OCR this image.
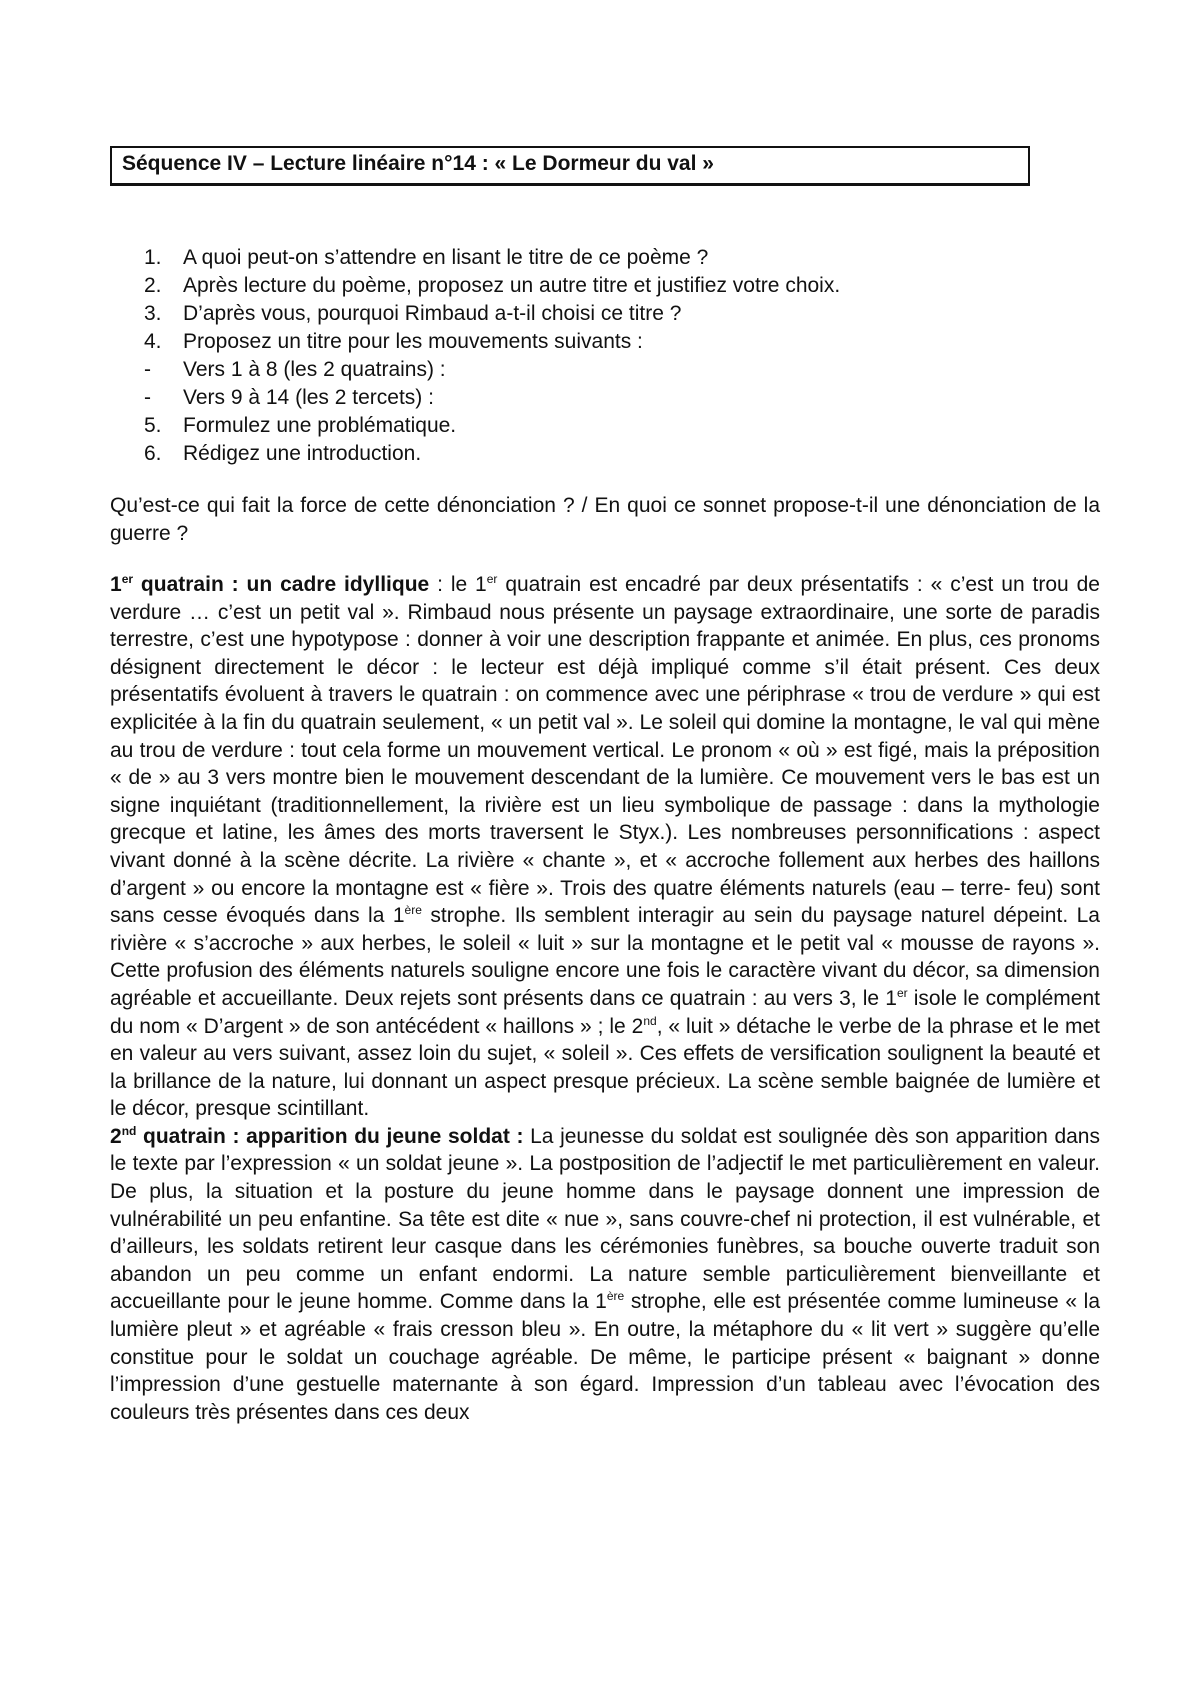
Séquence IV – Lecture linéaire n°14 : « Le Dormeur du val »
1. A quoi peut-on s’attendre en lisant le titre de ce poème ?
2. Après lecture du poème, proposez un autre titre et justifiez votre choix.
3. D’après vous, pourquoi Rimbaud a-t-il choisi ce titre ?
4. Proposez un titre pour les mouvements suivants :
- Vers 1 à 8 (les 2 quatrains) :
- Vers 9 à 14 (les 2 tercets) :
5. Formulez une problématique.
6. Rédigez une introduction.

Qu’est-ce qui fait la force de cette dénonciation ? / En quoi ce sonnet propose-t-il une dénonciation de la guerre ?

1er quatrain : un cadre idyllique : le 1er quatrain est encadré par deux présentatifs : « c’est un trou de verdure … c’est un petit val ». Rimbaud nous présente un paysage extraordinaire, une sorte de paradis terrestre, c’est une hypotypose : donner à voir une description frappante et animée. En plus, ces pronoms désignent directement le décor : le lecteur est déjà impliqué comme s’il était présent. Ces deux présentatifs évoluent à travers le quatrain : on commence avec une périphrase « trou de verdure » qui est explicitée à la fin du quatrain seulement, « un petit val ». Le soleil qui domine la montagne, le val qui mène au trou de verdure : tout cela forme un mouvement vertical. Le pronom « où » est figé, mais la préposition « de » au 3 vers montre bien le mouvement descendant de la lumière. Ce mouvement vers le bas est un signe inquiétant (traditionnellement, la rivière est un lieu symbolique de passage : dans la mythologie grecque et latine, les âmes des morts traversent le Styx.). Les nombreuses personnifications : aspect vivant donné à la scène décrite. La rivière « chante », et « accroche follement aux herbes des haillons d’argent » ou encore la montagne est « fière ». Trois des quatre éléments naturels (eau – terre- feu) sont sans cesse évoqués dans la 1ère strophe. Ils semblent interagir au sein du paysage naturel dépeint. La rivière « s’accroche » aux herbes, le soleil « luit » sur la montagne et le petit val « mousse de rayons ». Cette profusion des éléments naturels souligne encore une fois le caractère vivant du décor, sa dimension agréable et accueillante. Deux rejets sont présents dans ce quatrain : au vers 3, le 1er isole le complément du nom « D’argent » de son antécédent « haillons » ; le 2nd, « luit » détache le verbe de la phrase et le met en valeur au vers suivant, assez loin du sujet, « soleil ». Ces effets de versification soulignent la beauté et la brillance de la nature, lui donnant un aspect presque précieux. La scène semble baignée de lumière et le décor, presque scintillant.

2nd quatrain : apparition du jeune soldat : La jeunesse du soldat est soulignée dès son apparition dans le texte par l’expression « un soldat jeune ». La postposition de l’adjectif le met particulièrement en valeur. De plus, la situation et la posture du jeune homme dans le paysage donnent une impression de vulnérabilité un peu enfantine. Sa tête est dite « nue », sans couvre-chef ni protection, il est vulnérable, et d’ailleurs, les soldats retirent leur casque dans les cérémonies funèbres, sa bouche ouverte traduit son abandon un peu comme un enfant endormi. La nature semble particulièrement bienveillante et accueillante pour le jeune homme. Comme dans la 1ère strophe, elle est présentée comme lumineuse « la lumière pleut » et agréable « frais cresson bleu ». En outre, la métaphore du « lit vert » suggère qu’elle constitue pour le soldat un couchage agréable. De même, le participe présent « baignant » donne l’impression d’une gestuelle maternante à son égard. Impression d’un tableau avec l’évocation des couleurs très présentes dans ces deux
